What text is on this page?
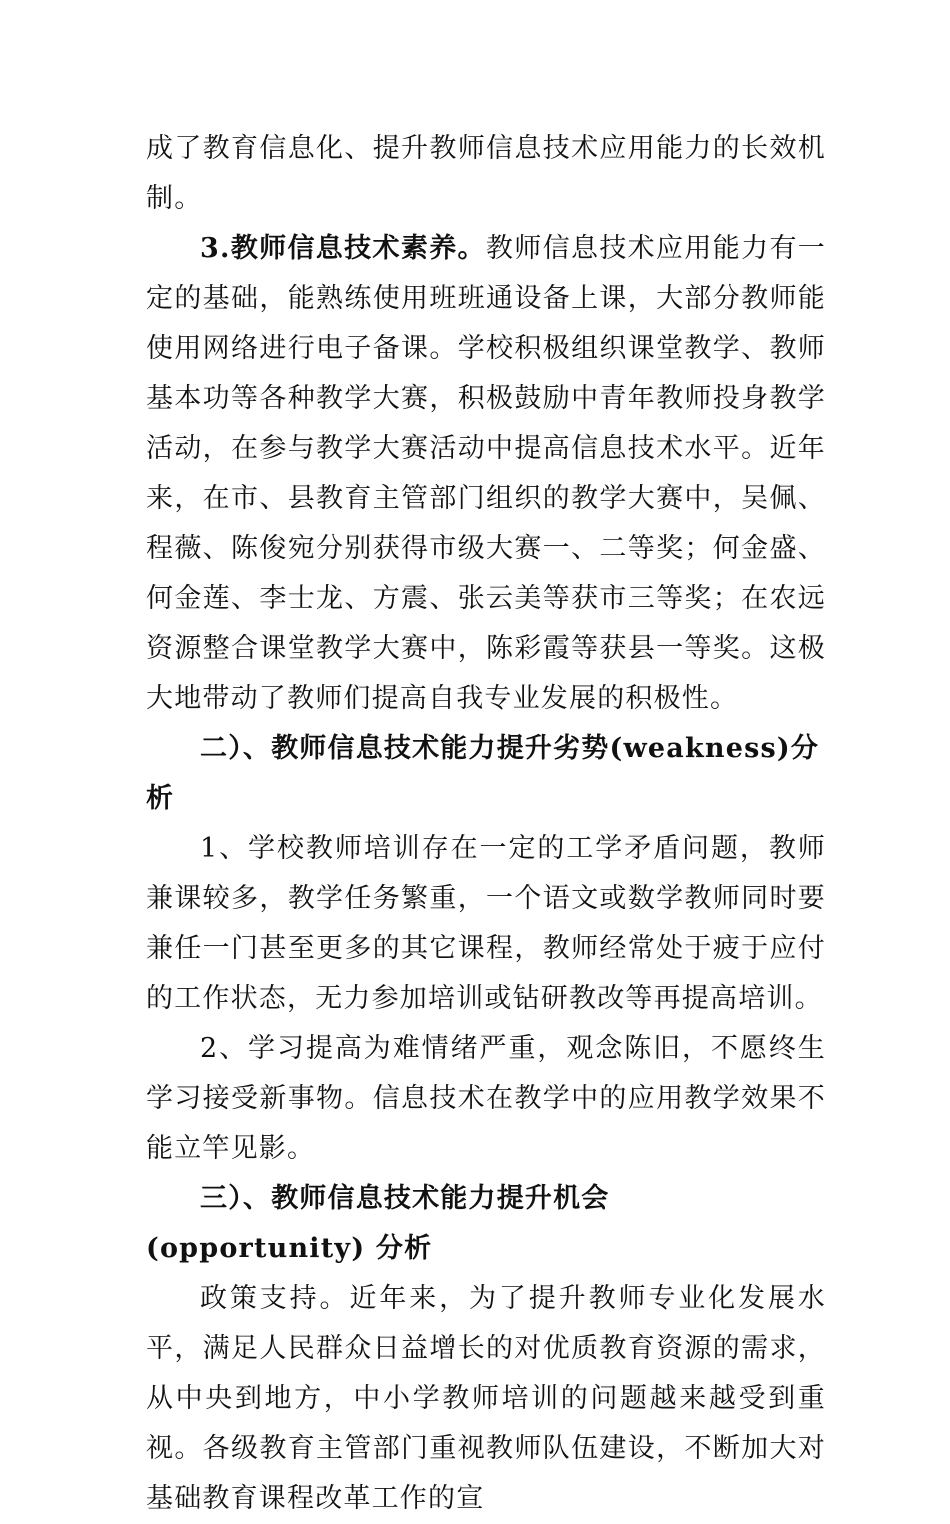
成了教育信息化、提升教师信息技术应用能力的长效机制。

3.教师信息技术素养。教师信息技术应用能力有一定的基础，能熟练使用班班通设备上课，大部分教师能使用网络进行电子备课。学校积极组织课堂教学、教师基本功等各种教学大赛，积极鼓励中青年教师投身教学活动，在参与教学大赛活动中提高信息技术水平。近年来，在市、县教育主管部门组织的教学大赛中，吴佩、程薇、陈俊宛分别获得市级大赛一、二等奖；何金盛、何金莲、李士龙、方震、张云美等获市三等奖；在农远资源整合课堂教学大赛中，陈彩霞等获县一等奖。这极大地带动了教师们提高自我专业发展的积极性。

二）、教师信息技术能力提升劣势(weakness)分析

1、学校教师培训存在一定的工学矛盾问题，教师兼课较多，教学任务繁重，一个语文或数学教师同时要兼任一门甚至更多的其它课程，教师经常处于疲于应付的工作状态，无力参加培训或钻研教改等再提高培训。

2、学习提高为难情绪严重，观念陈旧，不愿终生学习接受新事物。信息技术在教学中的应用教学效果不能立竿见影。

三）、教师信息技术能力提升机会(opportunity) 分析

政策支持。近年来，为了提升教师专业化发展水平，满足人民群众日益增长的对优质教育资源的需求，从中央到地方，中小学教师培训的问题越来越受到重视。各级教育主管部门重视教师队伍建设，不断加大对基础教育课程改革工作的宣
